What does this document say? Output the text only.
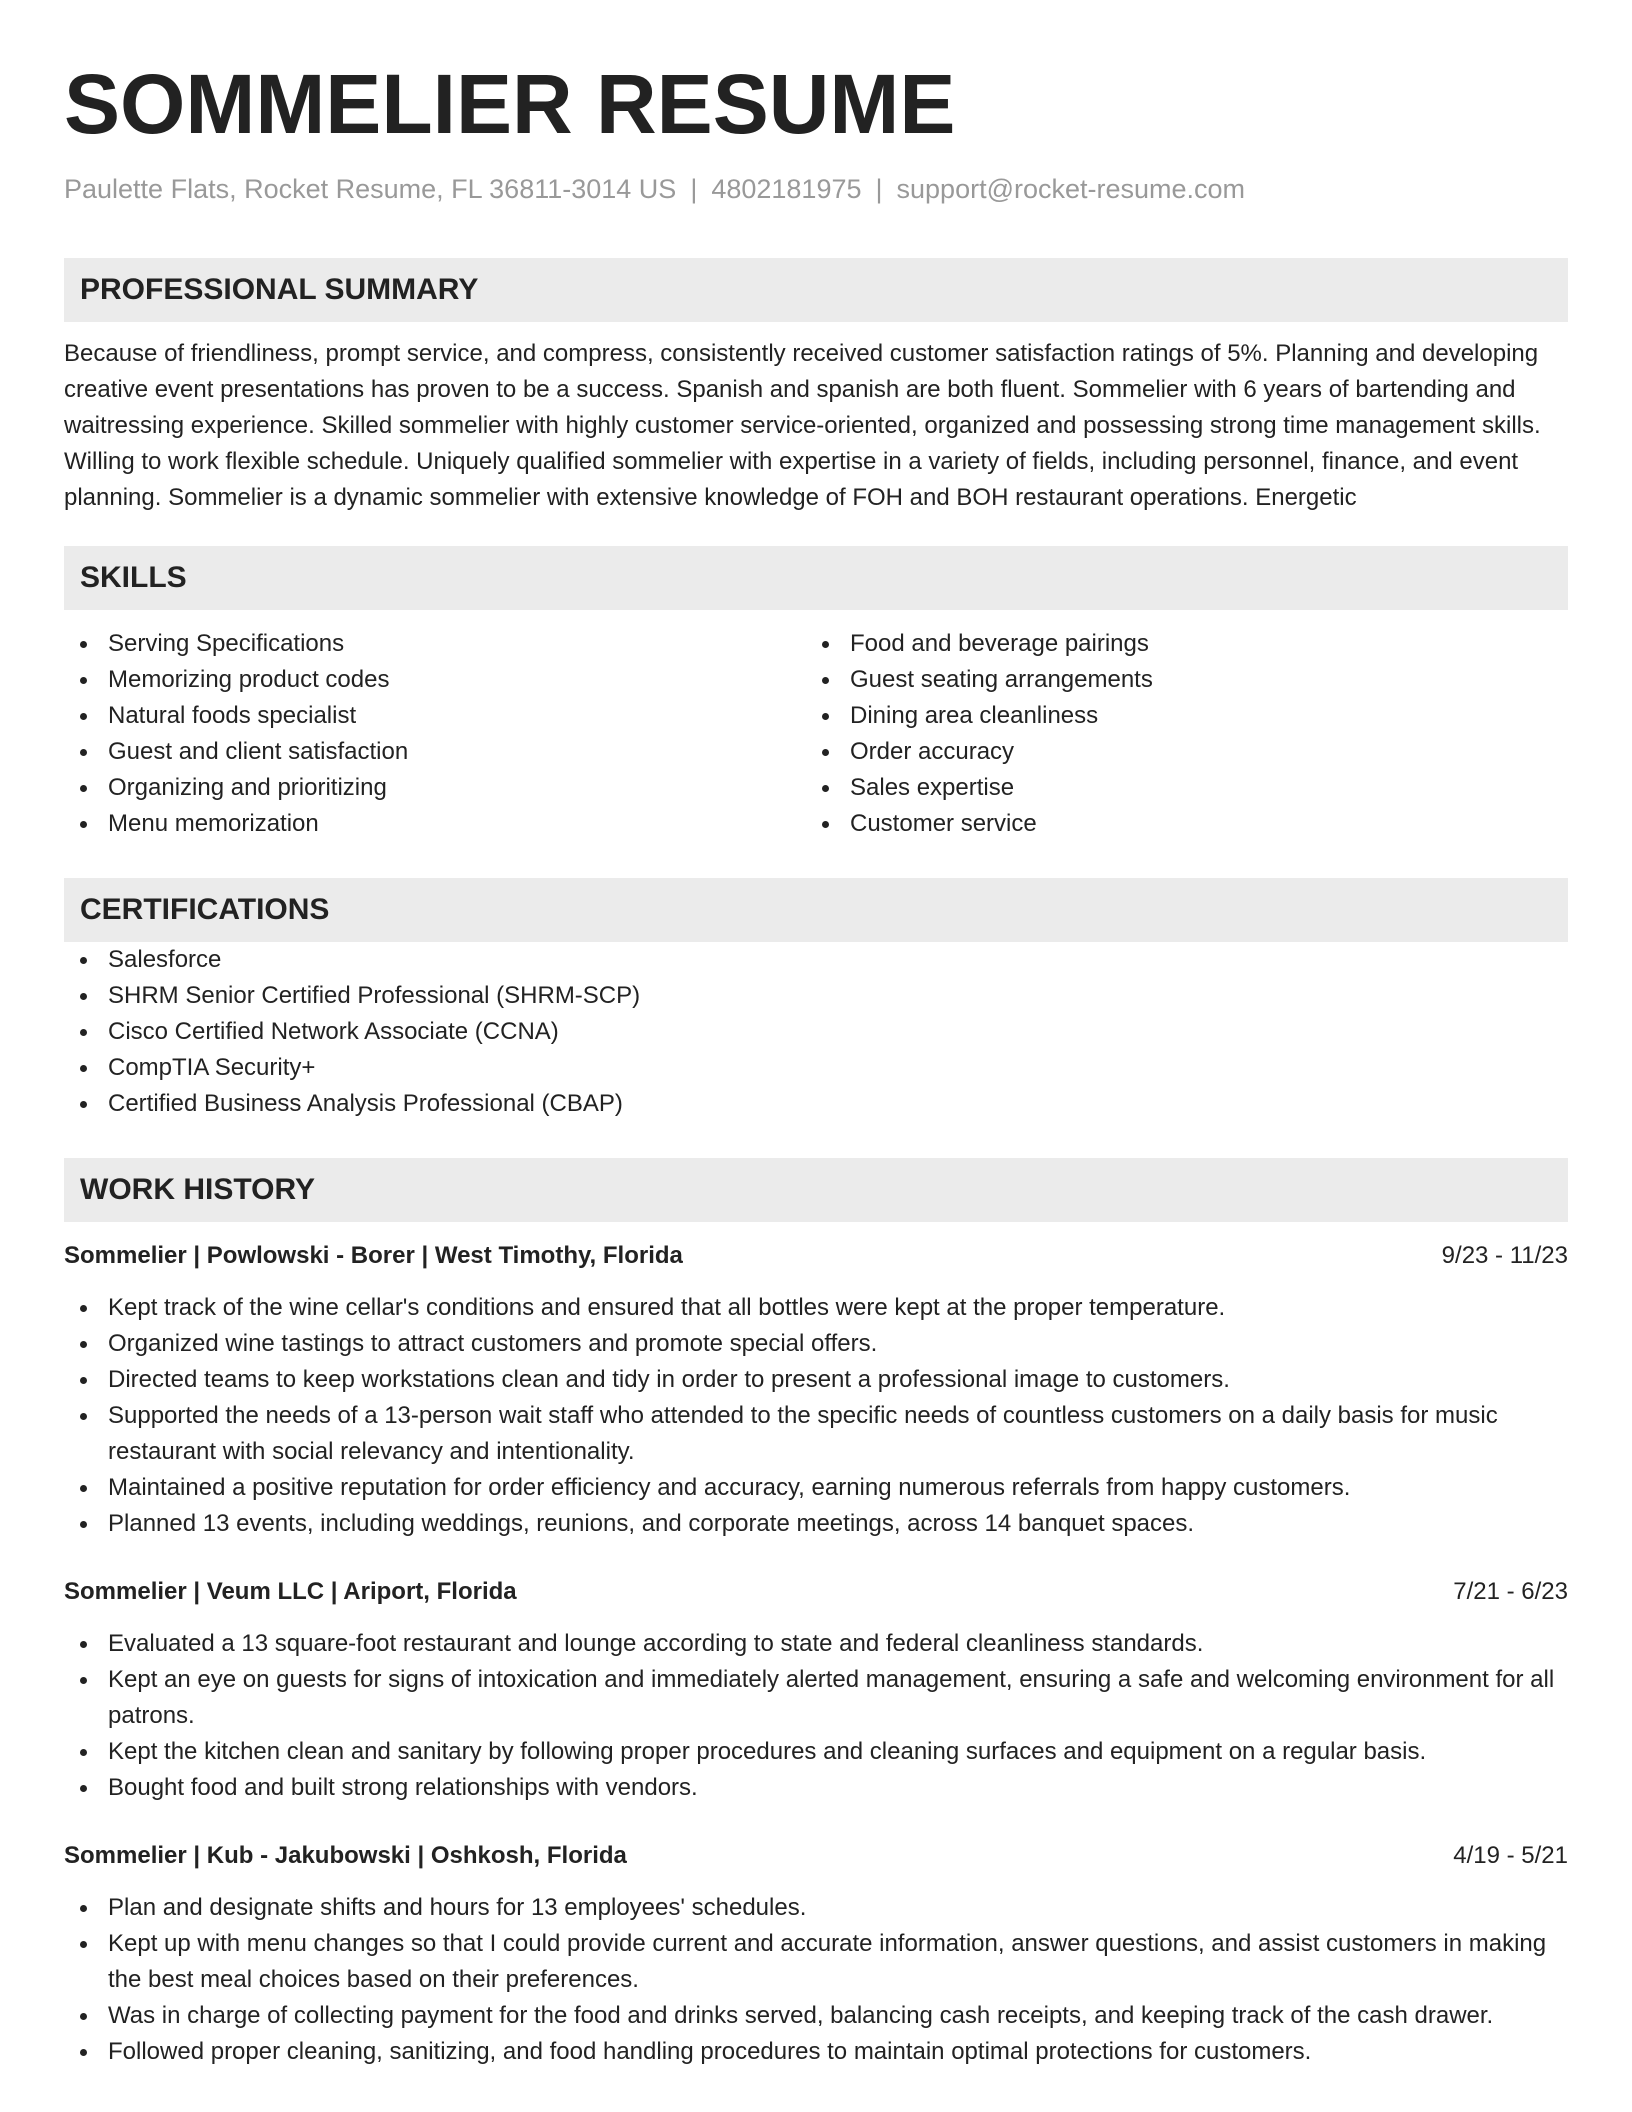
SOMMELIER RESUME
Paulette Flats, Rocket Resume, FL 36811-3014 US | 4802181975 | support@rocket-resume.com
PROFESSIONAL SUMMARY

Because of friendliness, prompt service, and compress, consistently received customer satisfaction ratings of 5%. Planning and developing creative event presentations has proven to be a success. Spanish and spanish are both fluent. Sommelier with 6 years of bartending and waitressing experience. Skilled sommelier with highly customer service-oriented, organized and possessing strong time management skills. Willing to work flexible schedule. Uniquely qualified sommelier with expertise in a variety of fields, including personnel, finance, and event planning. Sommelier is a dynamic sommelier with extensive knowledge of FOH and BOH restaurant operations. Energetic

SKILLS
Serving Specifications
Memorizing product codes
Natural foods specialist
Guest and client satisfaction
Organizing and prioritizing
Menu memorization
Food and beverage pairings
Guest seating arrangements
Dining area cleanliness
Order accuracy
Sales expertise
Customer service
CERTIFICATIONS
Salesforce
SHRM Senior Certified Professional (SHRM-SCP)
Cisco Certified Network Associate (CCNA)
CompTIA Security+
Certified Business Analysis Professional (CBAP)
WORK HISTORY
Sommelier | Powlowski - Borer | West Timothy, Florida	9/23 - 11/23
Kept track of the wine cellar's conditions and ensured that all bottles were kept at the proper temperature.
Organized wine tastings to attract customers and promote special offers.
Directed teams to keep workstations clean and tidy in order to present a professional image to customers.
Supported the needs of a 13-person wait staff who attended to the specific needs of countless customers on a daily basis for music restaurant with social relevancy and intentionality.
Maintained a positive reputation for order efficiency and accuracy, earning numerous referrals from happy customers.
Planned 13 events, including weddings, reunions, and corporate meetings, across 14 banquet spaces.
Sommelier | Veum LLC | Ariport, Florida	7/21 - 6/23
Evaluated a 13 square-foot restaurant and lounge according to state and federal cleanliness standards.
Kept an eye on guests for signs of intoxication and immediately alerted management, ensuring a safe and welcoming environment for all patrons.
Kept the kitchen clean and sanitary by following proper procedures and cleaning surfaces and equipment on a regular basis.
Bought food and built strong relationships with vendors.
Sommelier | Kub - Jakubowski | Oshkosh, Florida	4/19 - 5/21
Plan and designate shifts and hours for 13 employees' schedules.
Kept up with menu changes so that I could provide current and accurate information, answer questions, and assist customers in making the best meal choices based on their preferences.
Was in charge of collecting payment for the food and drinks served, balancing cash receipts, and keeping track of the cash drawer.
Followed proper cleaning, sanitizing, and food handling procedures to maintain optimal protections for customers.
